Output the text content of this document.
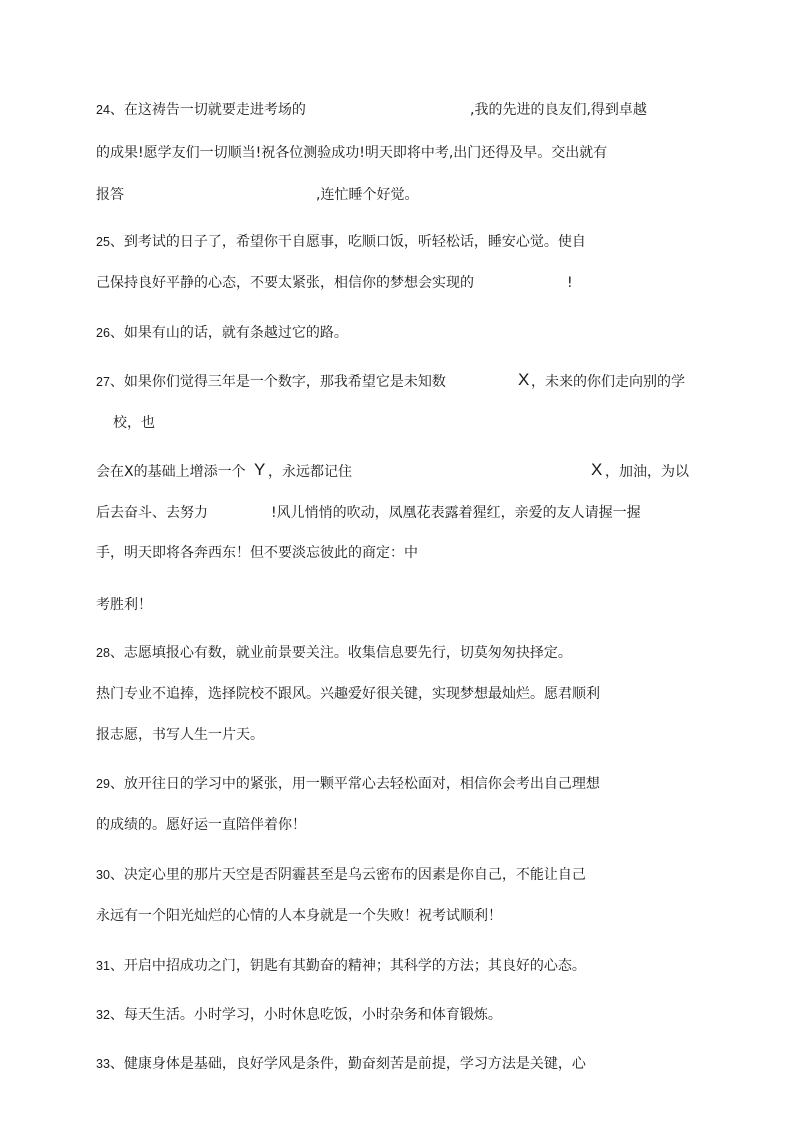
24、在这祷告一切就要走进考场的	,我的先进的良友们,得到卓越
的成果!愿学友们一切顺当!祝各位测验成功!明天即将中考,出门还得及早。交出就有
报答	,连忙睡个好觉。
25、到考试的日子了，希望你干自愿事，吃顺口饭，听轻松话，睡安心觉。使自
己保持良好平静的心态，不要太紧张，相信你的梦想会实现的	!
26、如果有山的话，就有条越过它的路。
27、如果你们觉得三年是一个数字，那我希望它是未知数	X ，未来的你们走向别的学
校，也
会在X的基础上增添一个 Y ，永远都记住	X ，加油，为以
后去奋斗、去努力	!风儿悄悄的吹动，凤凰花表露着猩红，亲爱的友人请握一握
手，明天即将各奔西东！但不要淡忘彼此的商定：中
考胜利！
28、志愿填报心有数，就业前景要关注。收集信息要先行，切莫匆匆抉择定。
热门专业不追捧，选择院校不跟风。兴趣爱好很关键，实现梦想最灿烂。愿君顺利
报志愿，书写人生一片天。
29、放开往日的学习中的紧张，用一颗平常心去轻松面对，相信你会考出自己理想
的成绩的。愿好运一直陪伴着你！
30、决定心里的那片天空是否阴霾甚至是乌云密布的因素是你自己，不能让自己
永远有一个阳光灿烂的心情的人本身就是一个失败！祝考试顺利！
31、开启中招成功之门，钥匙有其勤奋的精神；其科学的方法；其良好的心态。
32、每天生活。小时学习，小时休息吃饭，小时杂务和体育锻炼。
33、健康身体是基础，良好学风是条件，勤奋刻苦是前提，学习方法是关键，心
